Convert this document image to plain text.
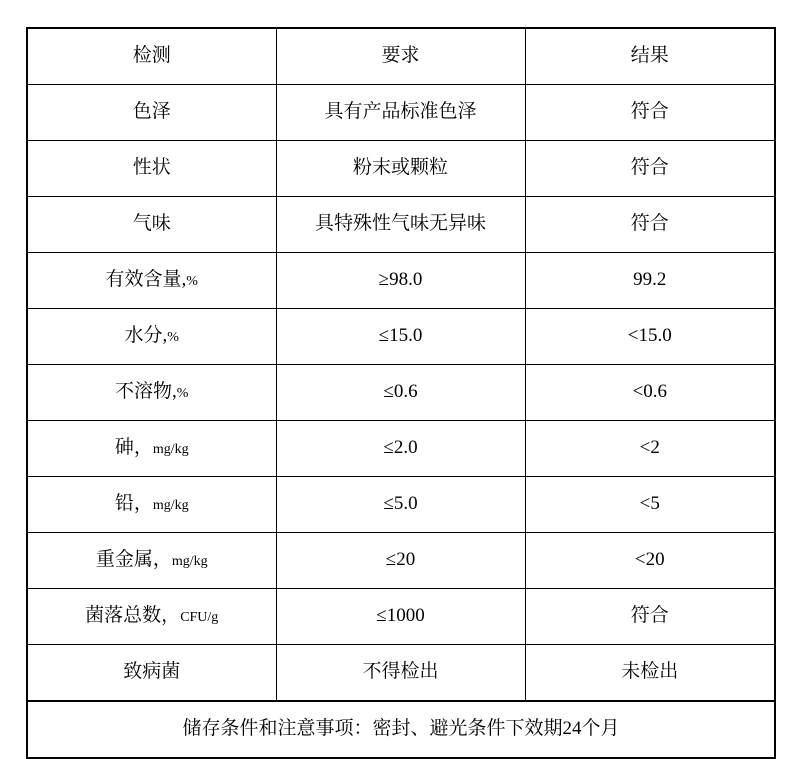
检测	要求	结果
色泽	具有产品标准色泽	符合
性状	粉末或颗粒	符合
气味	具特殊性气味无异味	符合
有效含量,%	≥98.0	99.2
水分,%	≤15.0	<15.0
不溶物,%	≤0.6	<0.6
砷，mg/kg	≤2.0	<2
铅，mg/kg	≤5.0	<5
重金属，mg/kg	≤20	<20
菌落总数，CFU/g	≤1000	符合
致病菌	不得检出	未检出
储存条件和注意事项：密封、避光条件下效期24个月		
